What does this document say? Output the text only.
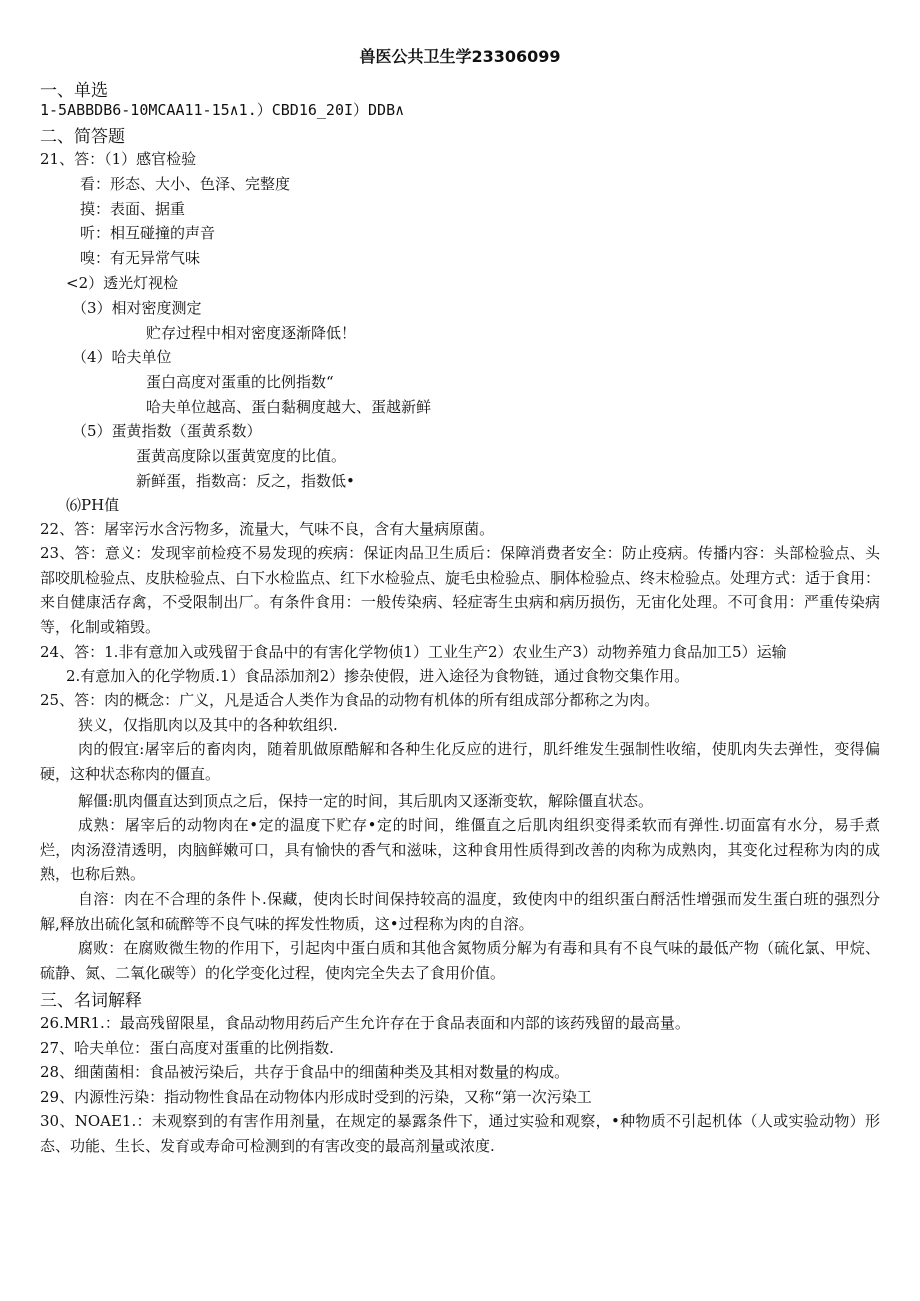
兽医公共卫生学23306099
一、单选
1-5ABBDB6-10MCAA11-15∧1.）CBD16_20I）DDB∧
二、简答题
21、答：（1）感官检验
看：形态、大小、色泽、完整度
摸：表面、据重
听：相互碰撞的声音
嗅：有无异常气味
<2）透光灯视检
（3）相对密度测定
贮存过程中相对密度逐渐降低！
（4）哈夫单位
蛋白高度对蛋重的比例指数“
哈夫单位越高、蛋白黏稠度越大、蛋越新鲜
（5）蛋黄指数（蛋黄系数）
蛋黄高度除以蛋黄宽度的比值。
新鲜蛋，指数高：反之，指数低•
⑹PH值
22、答：屠宰污水含污物多，流量大，气味不良，含有大量病原菌。
23、答：意义：发现宰前检疫不易发现的疾病：保证肉品卫生质后：保障消费者安全：防止疫病。传播内容：头部检验点、头部咬肌检验点、皮肤检验点、白下水检监点、红下水检验点、旋毛虫检验点、胴体检验点、终末检验点。处理方式：适于食用：来自健康活存禽，不受限制出厂。有条件食用：一般传染病、轻症寄生虫病和病历损伤，无宙化处理。不可食用：严重传染病等，化制或箱毁。
24、答：1.非有意加入或残留于食品中的有害化学物侦1）工业生产2）农业生产3）动物养殖力食品加工5）运输
2.有意加入的化学物质.1）食品添加剂2）掺杂使假，进入途径为食物链，通过食物交集作用。
25、答：肉的概念：广义，凡是适合人类作为食品的动物有机体的所有组成部分都称之为肉。
狭义，仅指肌肉以及其中的各种软组织.
肉的假宜:屠宰后的畜肉肉，随着肌做原酷解和各种生化反应的进行，肌纤维发生强制性收缩，使肌肉失去弹性，变得偏硬，这种状态称肉的僵直。
解僵:肌肉僵直达到顶点之后，保持一定的时间，其后肌肉又逐渐变软，解除僵直状态。
成熟：屠宰后的动物肉在•定的温度下贮存•定的时间，维僵直之后肌肉组织变得柔软而有弹性.切面富有水分，易手煮烂，肉汤澄清透明，肉脑鲜嫩可口，具有愉快的香气和滋味，这种食用性质得到改善的肉称为成熟肉，其变化过程称为肉的成熟，也称后熟。
自溶：肉在不合理的条件卜.保藏，使肉长时间保持较高的温度，致使肉中的组织蛋白酹活性增强而发生蛋白班的强烈分解,释放出硫化氢和硫醉等不良气味的挥发性物质，这•过程称为肉的自溶。
腐败：在腐败微生物的作用下，引起肉中蛋白质和其他含氮物质分解为有毒和具有不良气味的最低产物（硫化氯、甲烷、硫静、氮、二氧化碳等）的化学变化过程，使肉完全失去了食用价值。
三、名词解释
26.MR1.：最高残留限星，食品动物用药后产生允许存在于食品表面和内部的该药残留的最高量。
27、哈夫单位：蛋白高度对蛋重的比例指数.
28、细菌菌相：食品被污染后，共存于食品中的细菌种类及其相对数量的构成。
29、内源性污染：指动物性食品在动物体内形成时受到的污染，又称“第一次污染工
30、NOAE1.：未观察到的有害作用剂量，在规定的暴露条件下，通过实验和观察，•种物质不引起机体（人或实验动物）形态、功能、生长、发育或寿命可检测到的有害改变的最高剂量或浓度.
